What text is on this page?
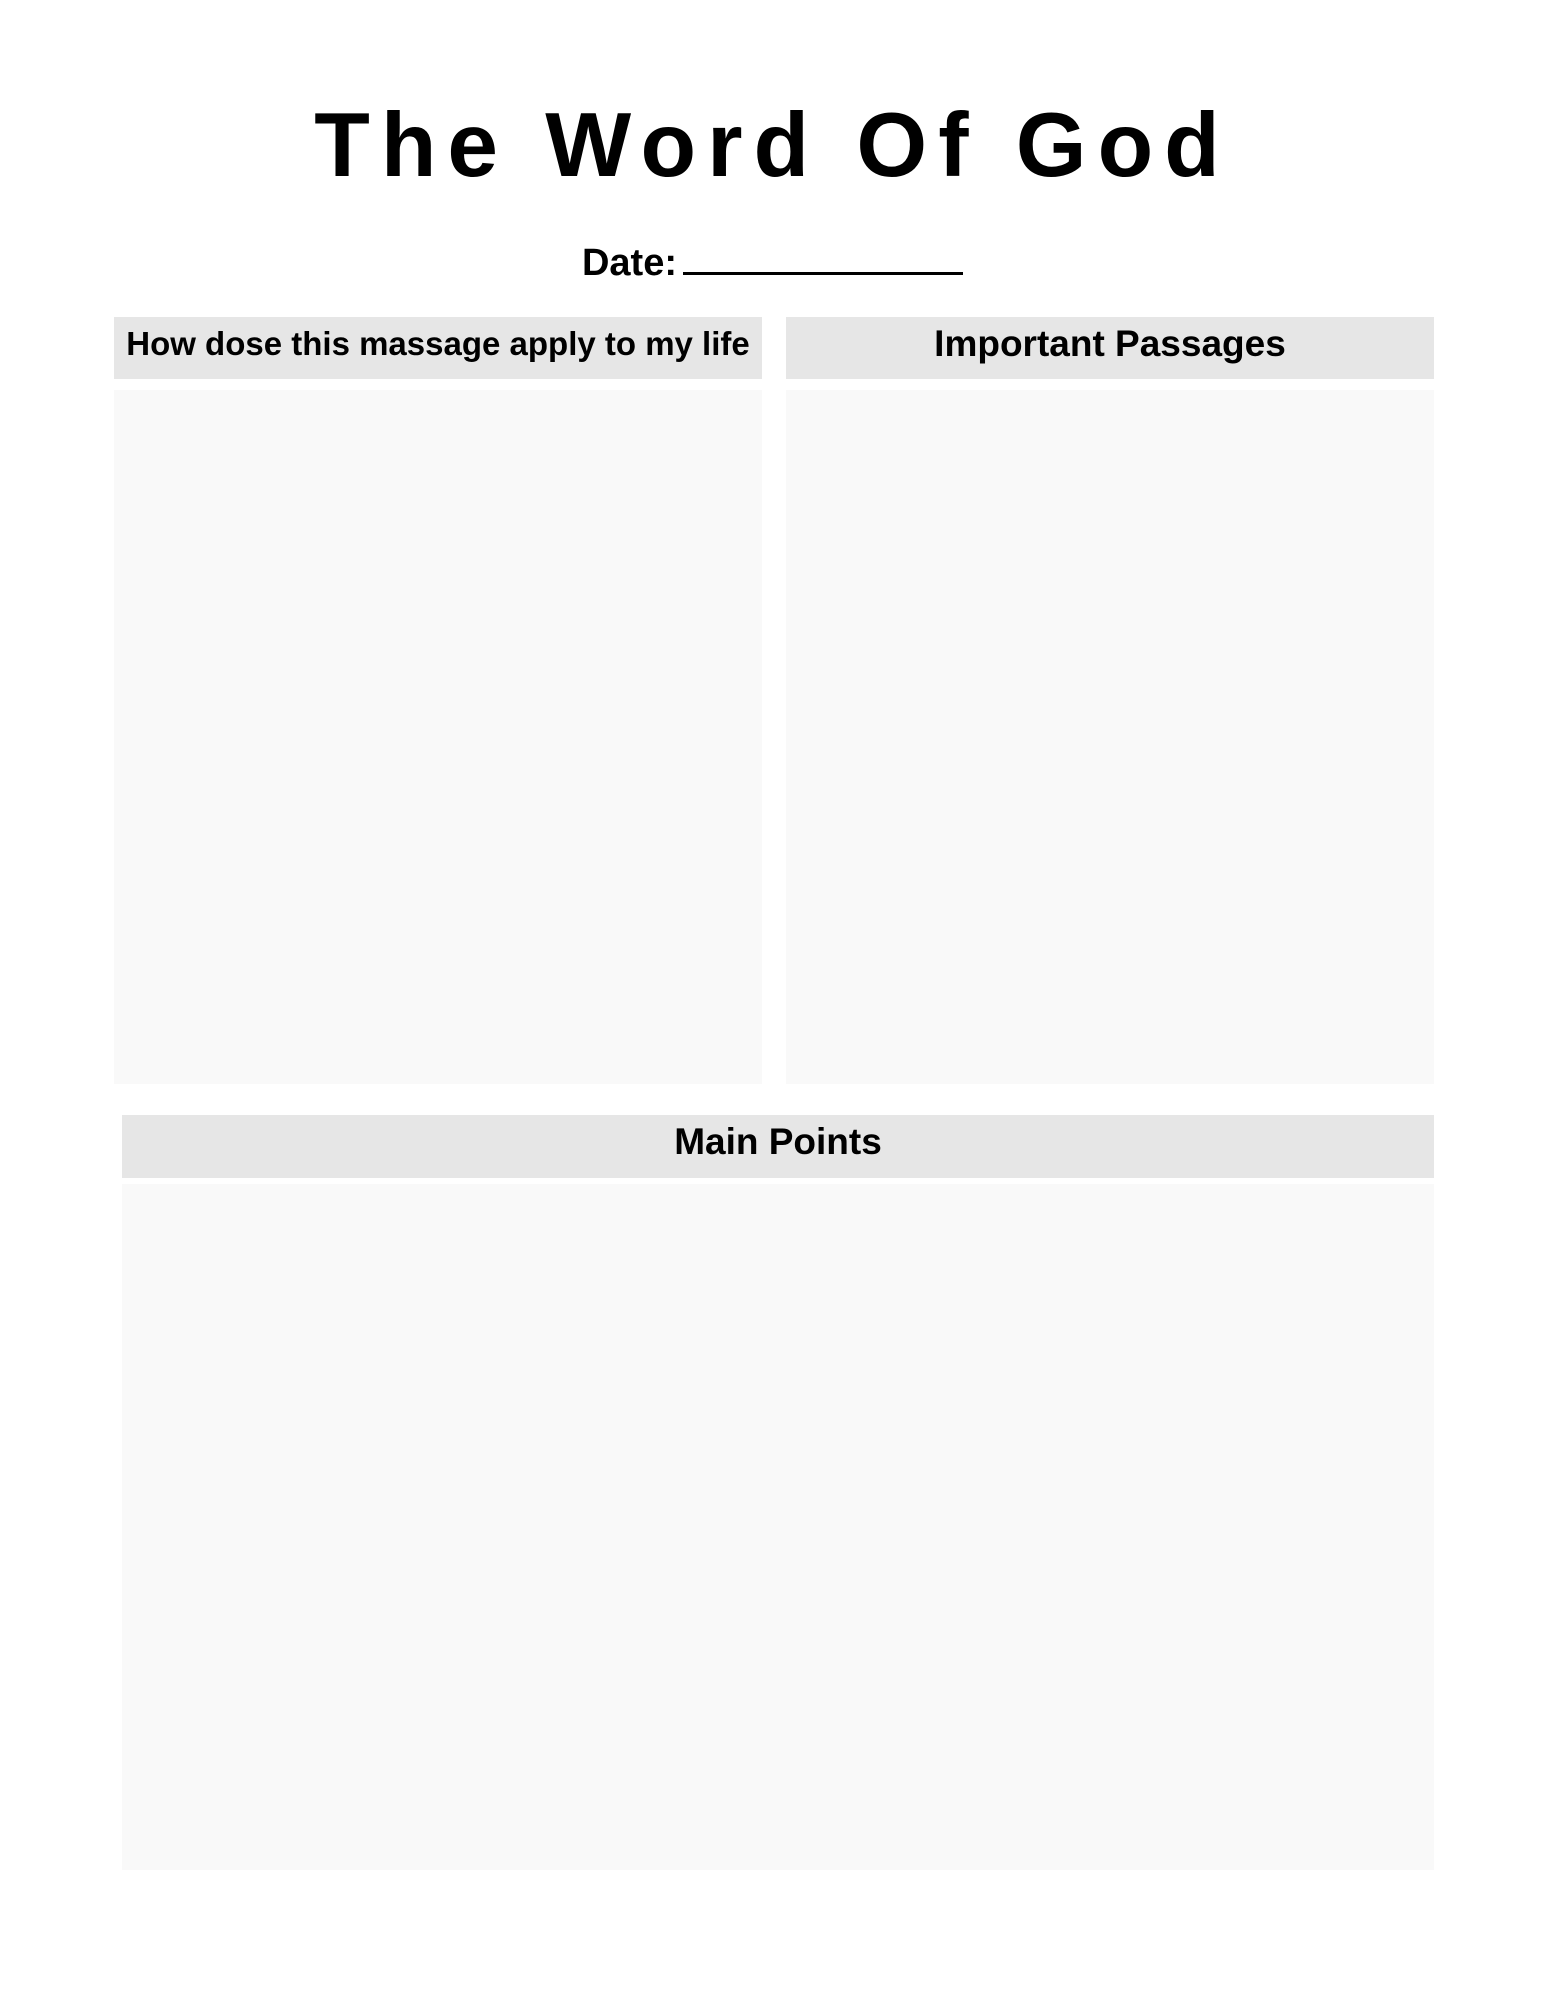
The Word Of God
Date:
How dose this massage apply to my life	Important Passages
Main Points
